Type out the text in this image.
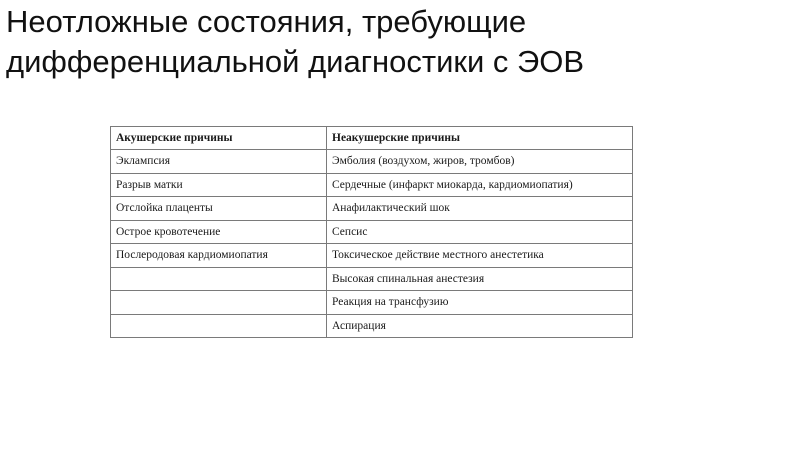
Неотложные состояния, требующие
дифференциальной диагностики с ЭОВ
Акушерские причины	Неакушерские причины
Эклампсия	Эмболия (воздухом, жиров, тромбов)
Разрыв матки	Сердечные (инфаркт миокарда, кардиомиопатия)
Отслойка плаценты	Анафилактический шок
Острое кровотечение	Сепсис
Послеродовая кардиомиопатия	Токсическое действие местного анестетика
	Высокая спинальная анестезия
	Реакция на трансфузию
	Аспирация
